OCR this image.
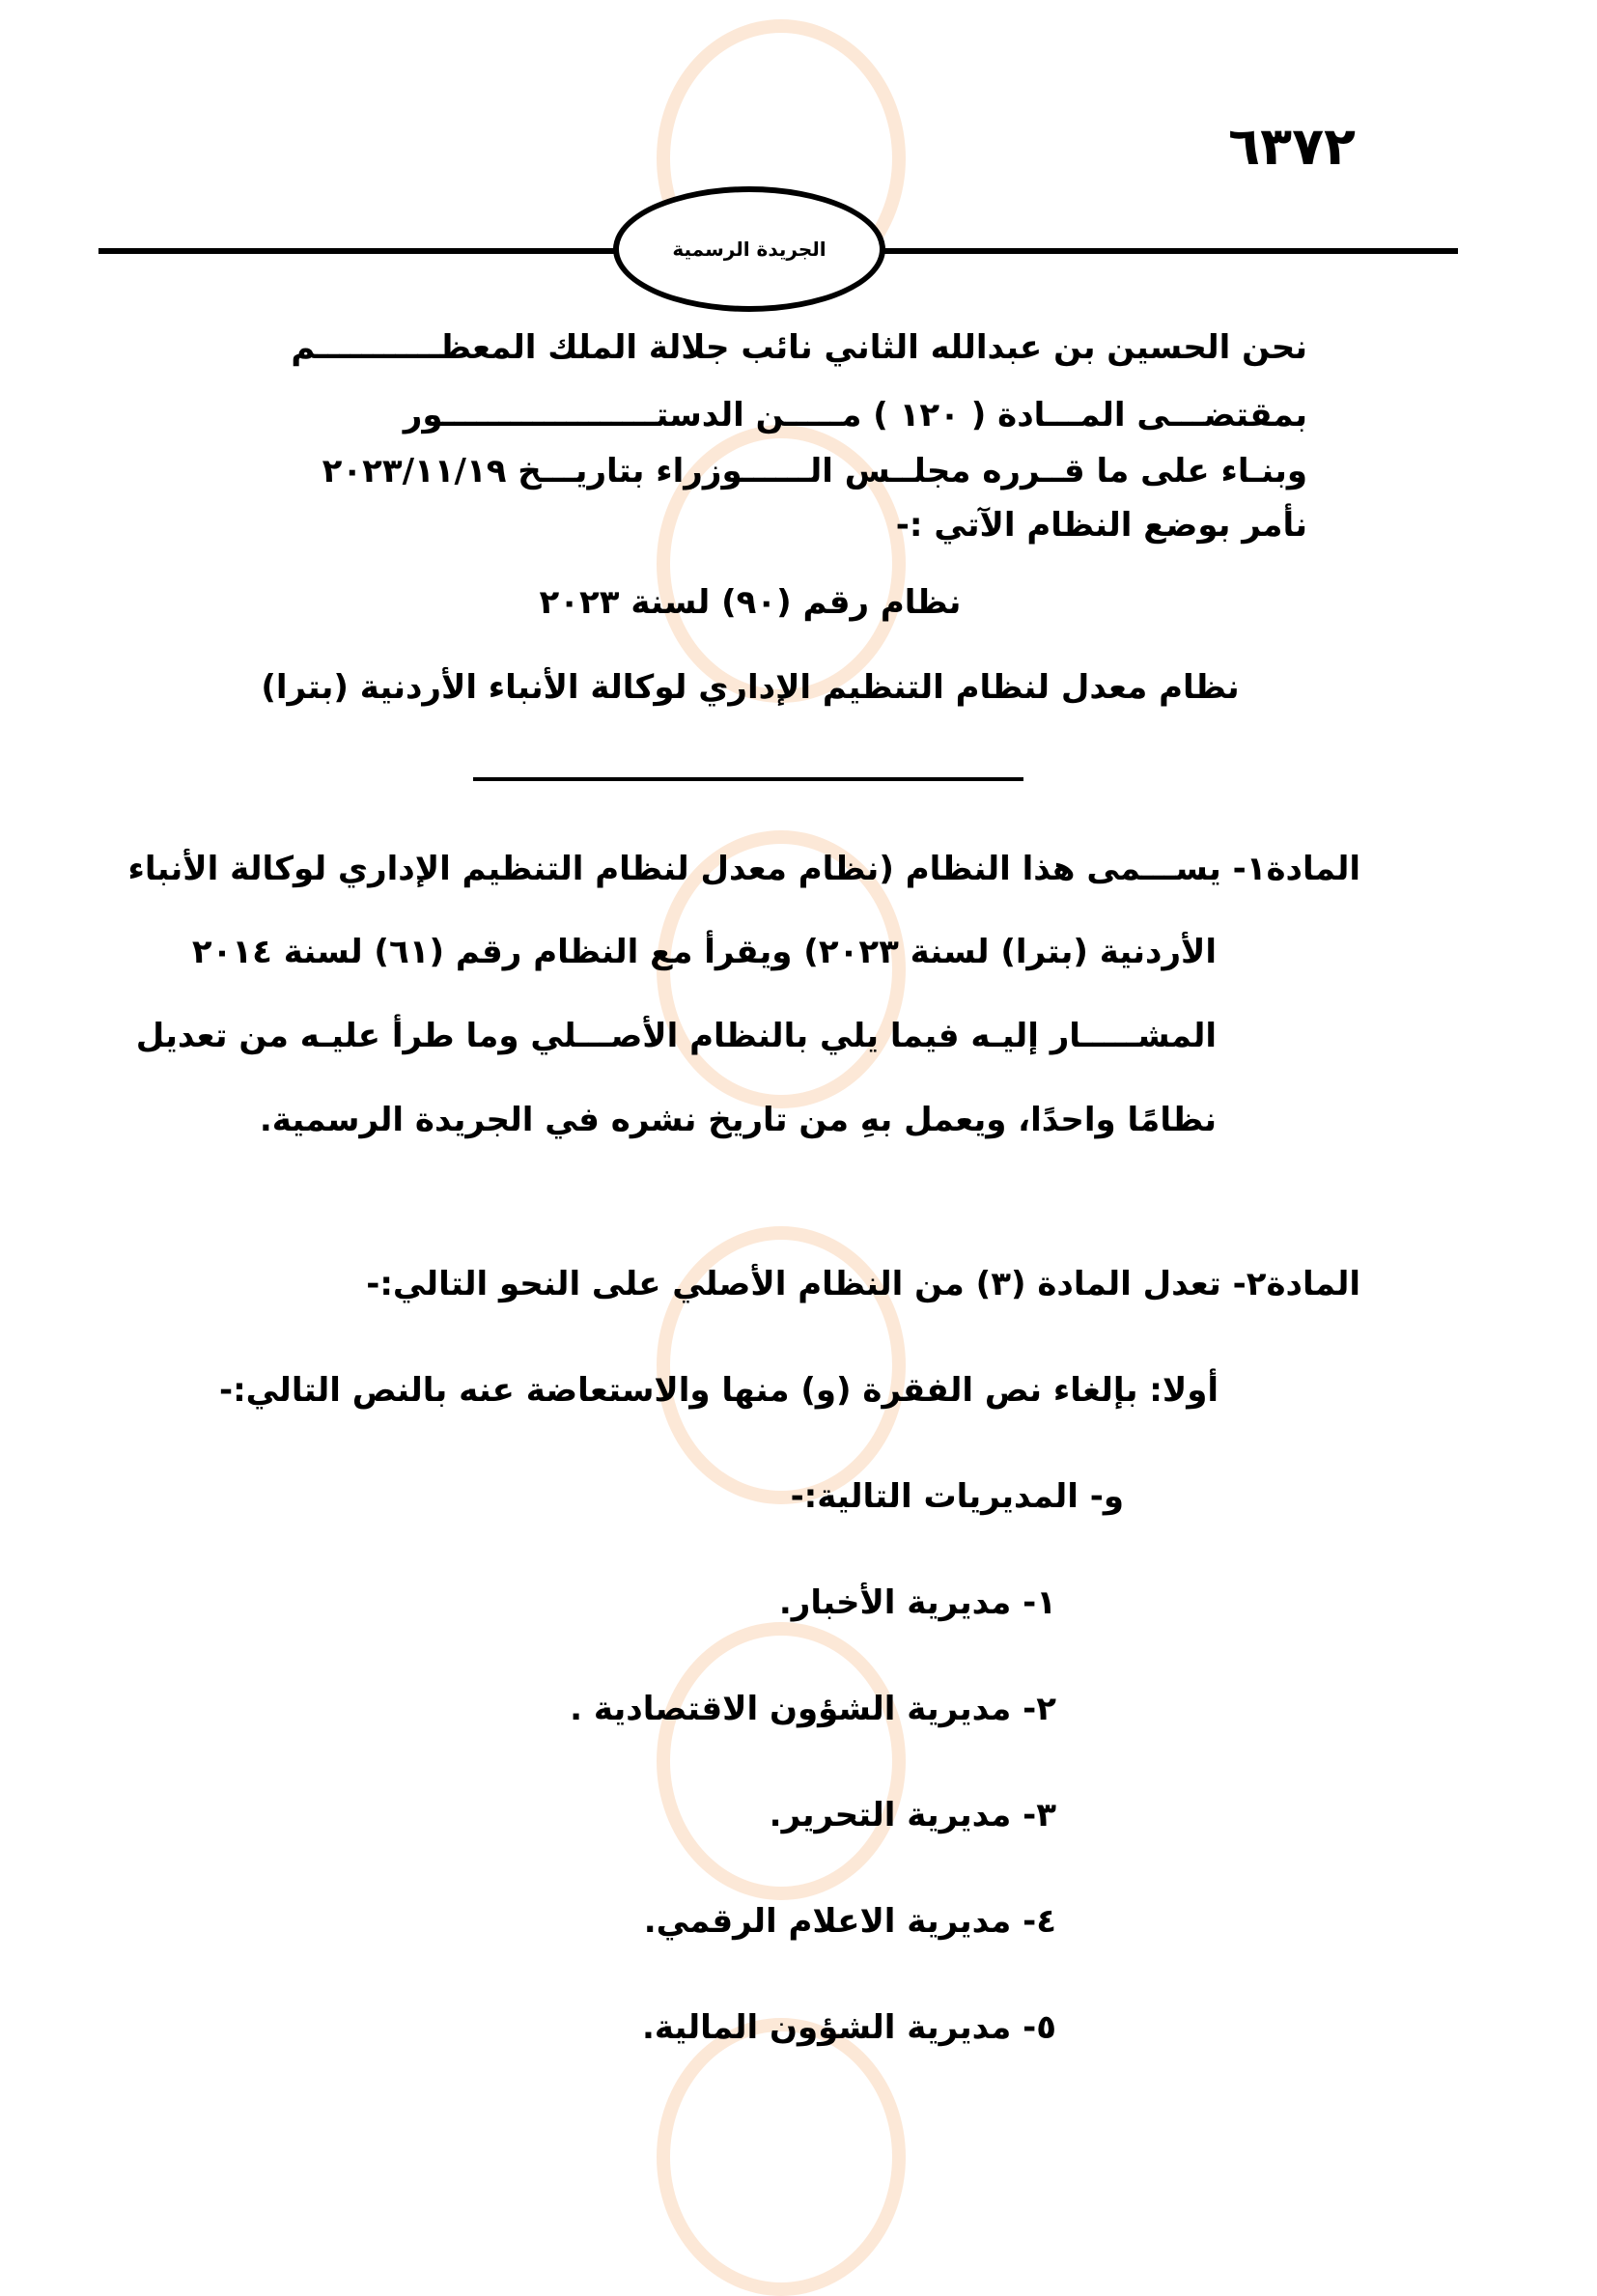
٦٣٧٢
الجريدة الرسمية
نحن الحسين بن عبدالله الثاني نائب جلالة الملك المعظـــــــــــم
بمقتضـــى المـــادة ( ١٢٠ ) مـــــن الدستـــــــــــــــــــور
وبنـاء على ما قــرره مجلــس الــــــوزراء بتاريـــخ ٢٠٢٣/١١/١٩
نأمر بوضع النظام الآتي :-
نظام رقم (٩٠) لسنة ٢٠٢٣
نظام معدل لنظام التنظيم الإداري لوكالة الأنباء الأردنية (بترا)
المادة١- يســـمى هذا النظام (نظام معدل لنظام التنظيم الإداري لوكالة الأنباء
الأردنية (بترا) لسنة ٢٠٢٣) ويقرأ مع النظام رقم (٦١) لسنة ٢٠١٤
المشـــــار إليـه فيما يلي بالنظام الأصـــلي وما طرأ عليـه من تعديل
نظامًا واحدًا، ويعمل بهِ من تاريخ نشره في الجريدة الرسمية.
المادة٢- تعدل المادة (٣) من النظام الأصلي على النحو التالي:-
أولا: بإلغاء نص الفقرة (و) منها والاستعاضة عنه بالنص التالي:-
و- المديريات التالية:-
١- مديرية الأخبار.
٢- مديرية الشؤون الاقتصادية .
٣- مديرية التحرير.
٤- مديرية الاعلام الرقمي.
٥- مديرية الشؤون المالية.
